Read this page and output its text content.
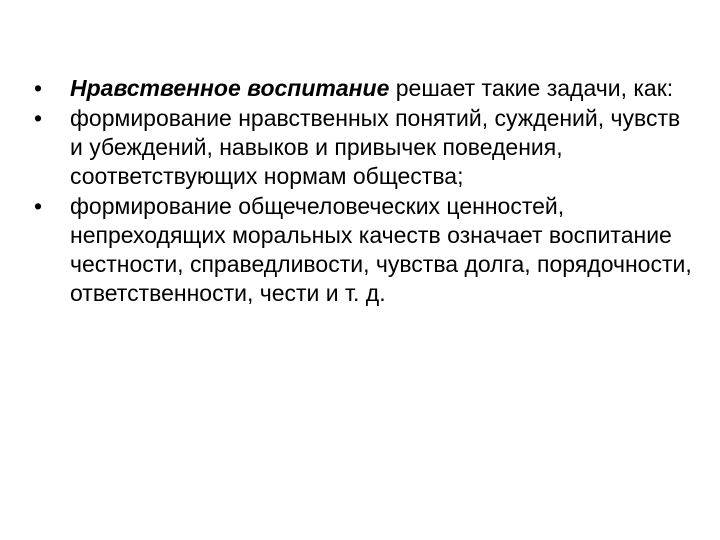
•	Нравственное воспитание решает такие задачи, как:
•	формирование нравственных понятий, суждений, чувств и убеждений, навыков и привычек поведения, соответствующих нормам общества;
•	формирование общечеловеческих ценностей, непреходящих моральных качеств означает воспитание честности, справедливости, чувства долга, порядочности, ответственности, чести и т. д.
